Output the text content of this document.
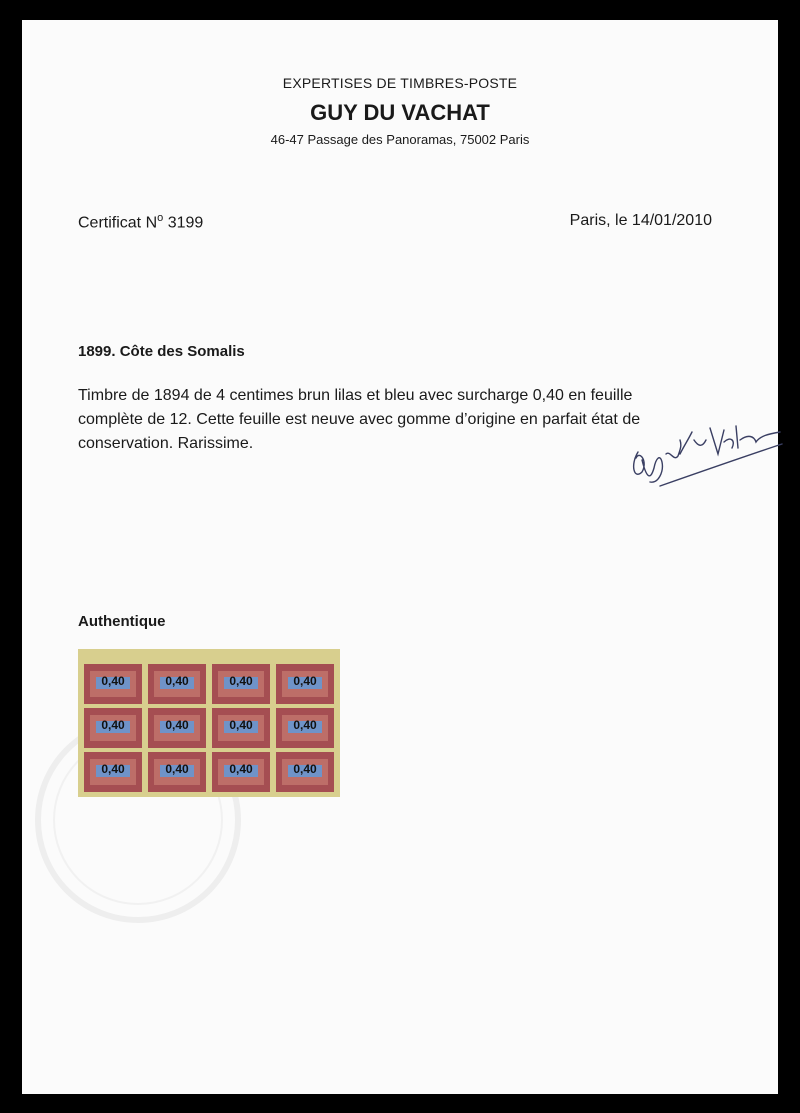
EXPERTISES DE TIMBRES-POSTE
GUY DU VACHAT
46-47 Passage des Panoramas, 75002 Paris
Certificat $N^o$ 3199	Paris, le 14/01/2010
1899. Côte des Somalis
Timbre de 1894 de 4 centimes brun lilas et bleu avec surcharge 0,40 en feuille
complète de 12. Cette feuille est neuve avec gomme d’origine en parfait état de
conservation. Rarissime.
Authentique
0,40	0,40	0,40	0,40
0,40	0,40	0,40	0,40
0,40	0,40	0,40	0,40
